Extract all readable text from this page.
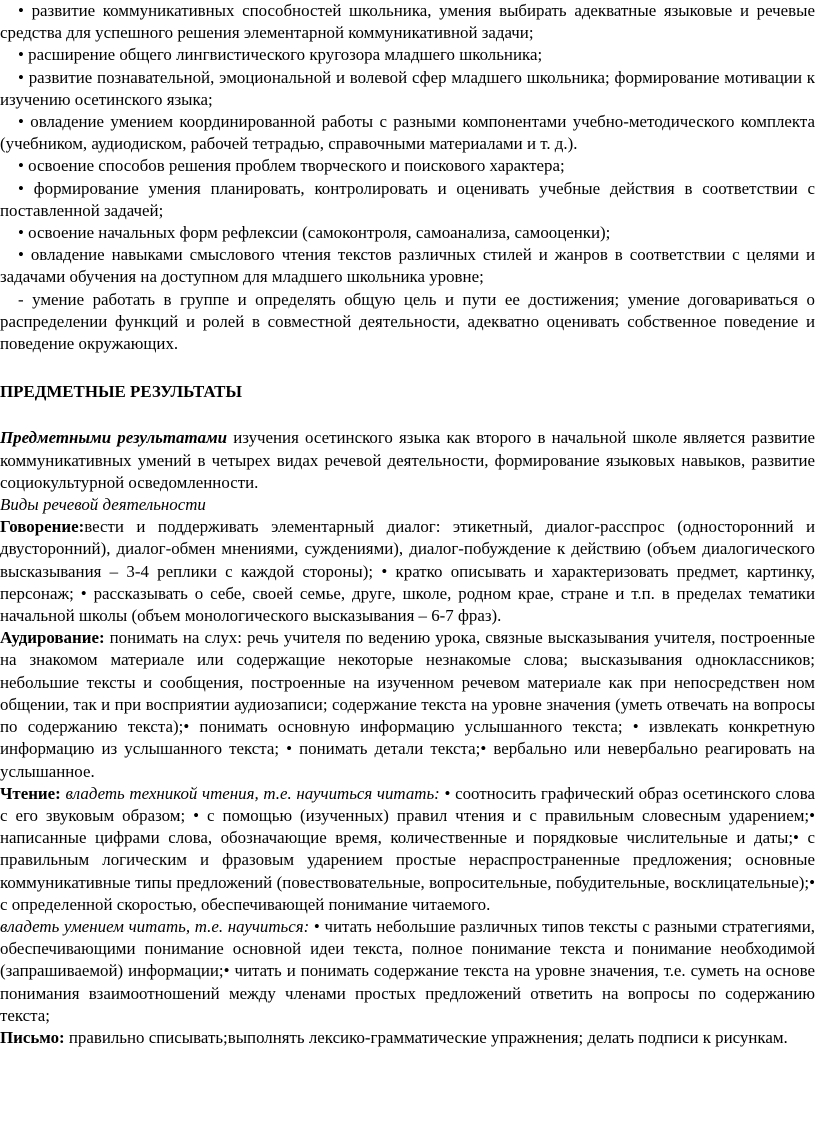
• развитие коммуникативных способностей школьника, умения выбирать адекватные языковые и речевые средства для успешного решения элементарной коммуникативной задачи;

• расширение общего лингвистического кругозора младшего школьника;

• развитие познавательной, эмоциональной и волевой сфер младшего школьника; формирование мотивации к изучению осетинского языка;

• овладение умением координированной работы с разными компонентами учебно-методического комплекта (учебником, аудиодиском, рабочей тетрадью, справочными материалами и т. д.).

• освоение способов решения проблем творческого и поискового характера;

• формирование умения планировать, контролировать и оценивать учебные действия в соответствии с поставленной задачей;

• освоение начальных форм рефлексии (самоконтроля, самоанализа, самооценки);

• овладение навыками смыслового чтения текстов различных стилей и жанров в соответствии с целями и задачами обучения на доступном для младшего школьника уровне;

- умение работать в группе и определять общую цель и пути ее достижения; умение договариваться о распределении функций и ролей в совместной деятельности, адекватно оценивать собственное поведение и поведение окружающих.

ПРЕДМЕТНЫЕ РЕЗУЛЬТАТЫ

Предметными результатами изучения осетинского языка как второго в начальной школе является развитие коммуникативных умений в четырех видах речевой деятельности, формирование языковых навыков, развитие социокультурной осведомленности.

Виды речевой деятельности

Говорение:вести и поддерживать элементарный диалог: этикетный, диалог-расспрос (односторонний и двусторонний), диалог-обмен мнениями, суждениями), диалог-побуждение к действию (объем диалогического высказывания – 3-4 реплики с каждой стороны); • кратко описывать и характеризовать предмет, картинку, персонаж; • рассказывать о себе, своей семье, друге, школе, родном крае, стране и т.п. в пределах тематики начальной школы (объем монологического высказывания – 6-7 фраз).

Аудирование: понимать на слух: речь учителя по ведению урока, связные высказывания учителя, построенные на знакомом материале или содержащие некоторые незнакомые слова; высказывания одноклассников; небольшие тексты и сообщения, построенные на изученном речевом материале как при непосредствен ном общении, так и при восприятии аудиозаписи; содержание текста на уровне значения (уметь отвечать на вопросы по содержанию текста);• понимать основную информацию услышанного текста; • извлекать конкретную информацию из услышанного текста; • понимать детали текста;• вербально или невербально реагировать на услышанное.

Чтение: владеть техникой чтения, т.е. научиться читать: • соотносить графический образ осетинского слова с его звуковым образом; • с помощью (изученных) правил чтения и с правильным словесным ударением;• написанные цифрами слова, обозначающие время, количественные и порядковые числительные и даты;• с правильным логическим и фразовым ударением простые нераспространенные предложения; основные коммуникативные типы предложений (повествовательные, вопросительные, побудительные, восклицательные);• с определенной скоростью, обеспечивающей понимание читаемого.

владеть умением читать, т.е. научиться: • читать небольшие различных типов тексты с разными стратегиями, обеспечивающими понимание основной идеи текста, полное понимание текста и понимание необходимой (запрашиваемой) информации;• читать и понимать содержание текста на уровне значения, т.е. суметь на основе понимания взаимоотношений между членами простых предложений ответить на вопросы по содержанию текста;

Письмо: правильно списывать;выполнять лексико-грамматические упражнения; делать подписи к рисункам.
